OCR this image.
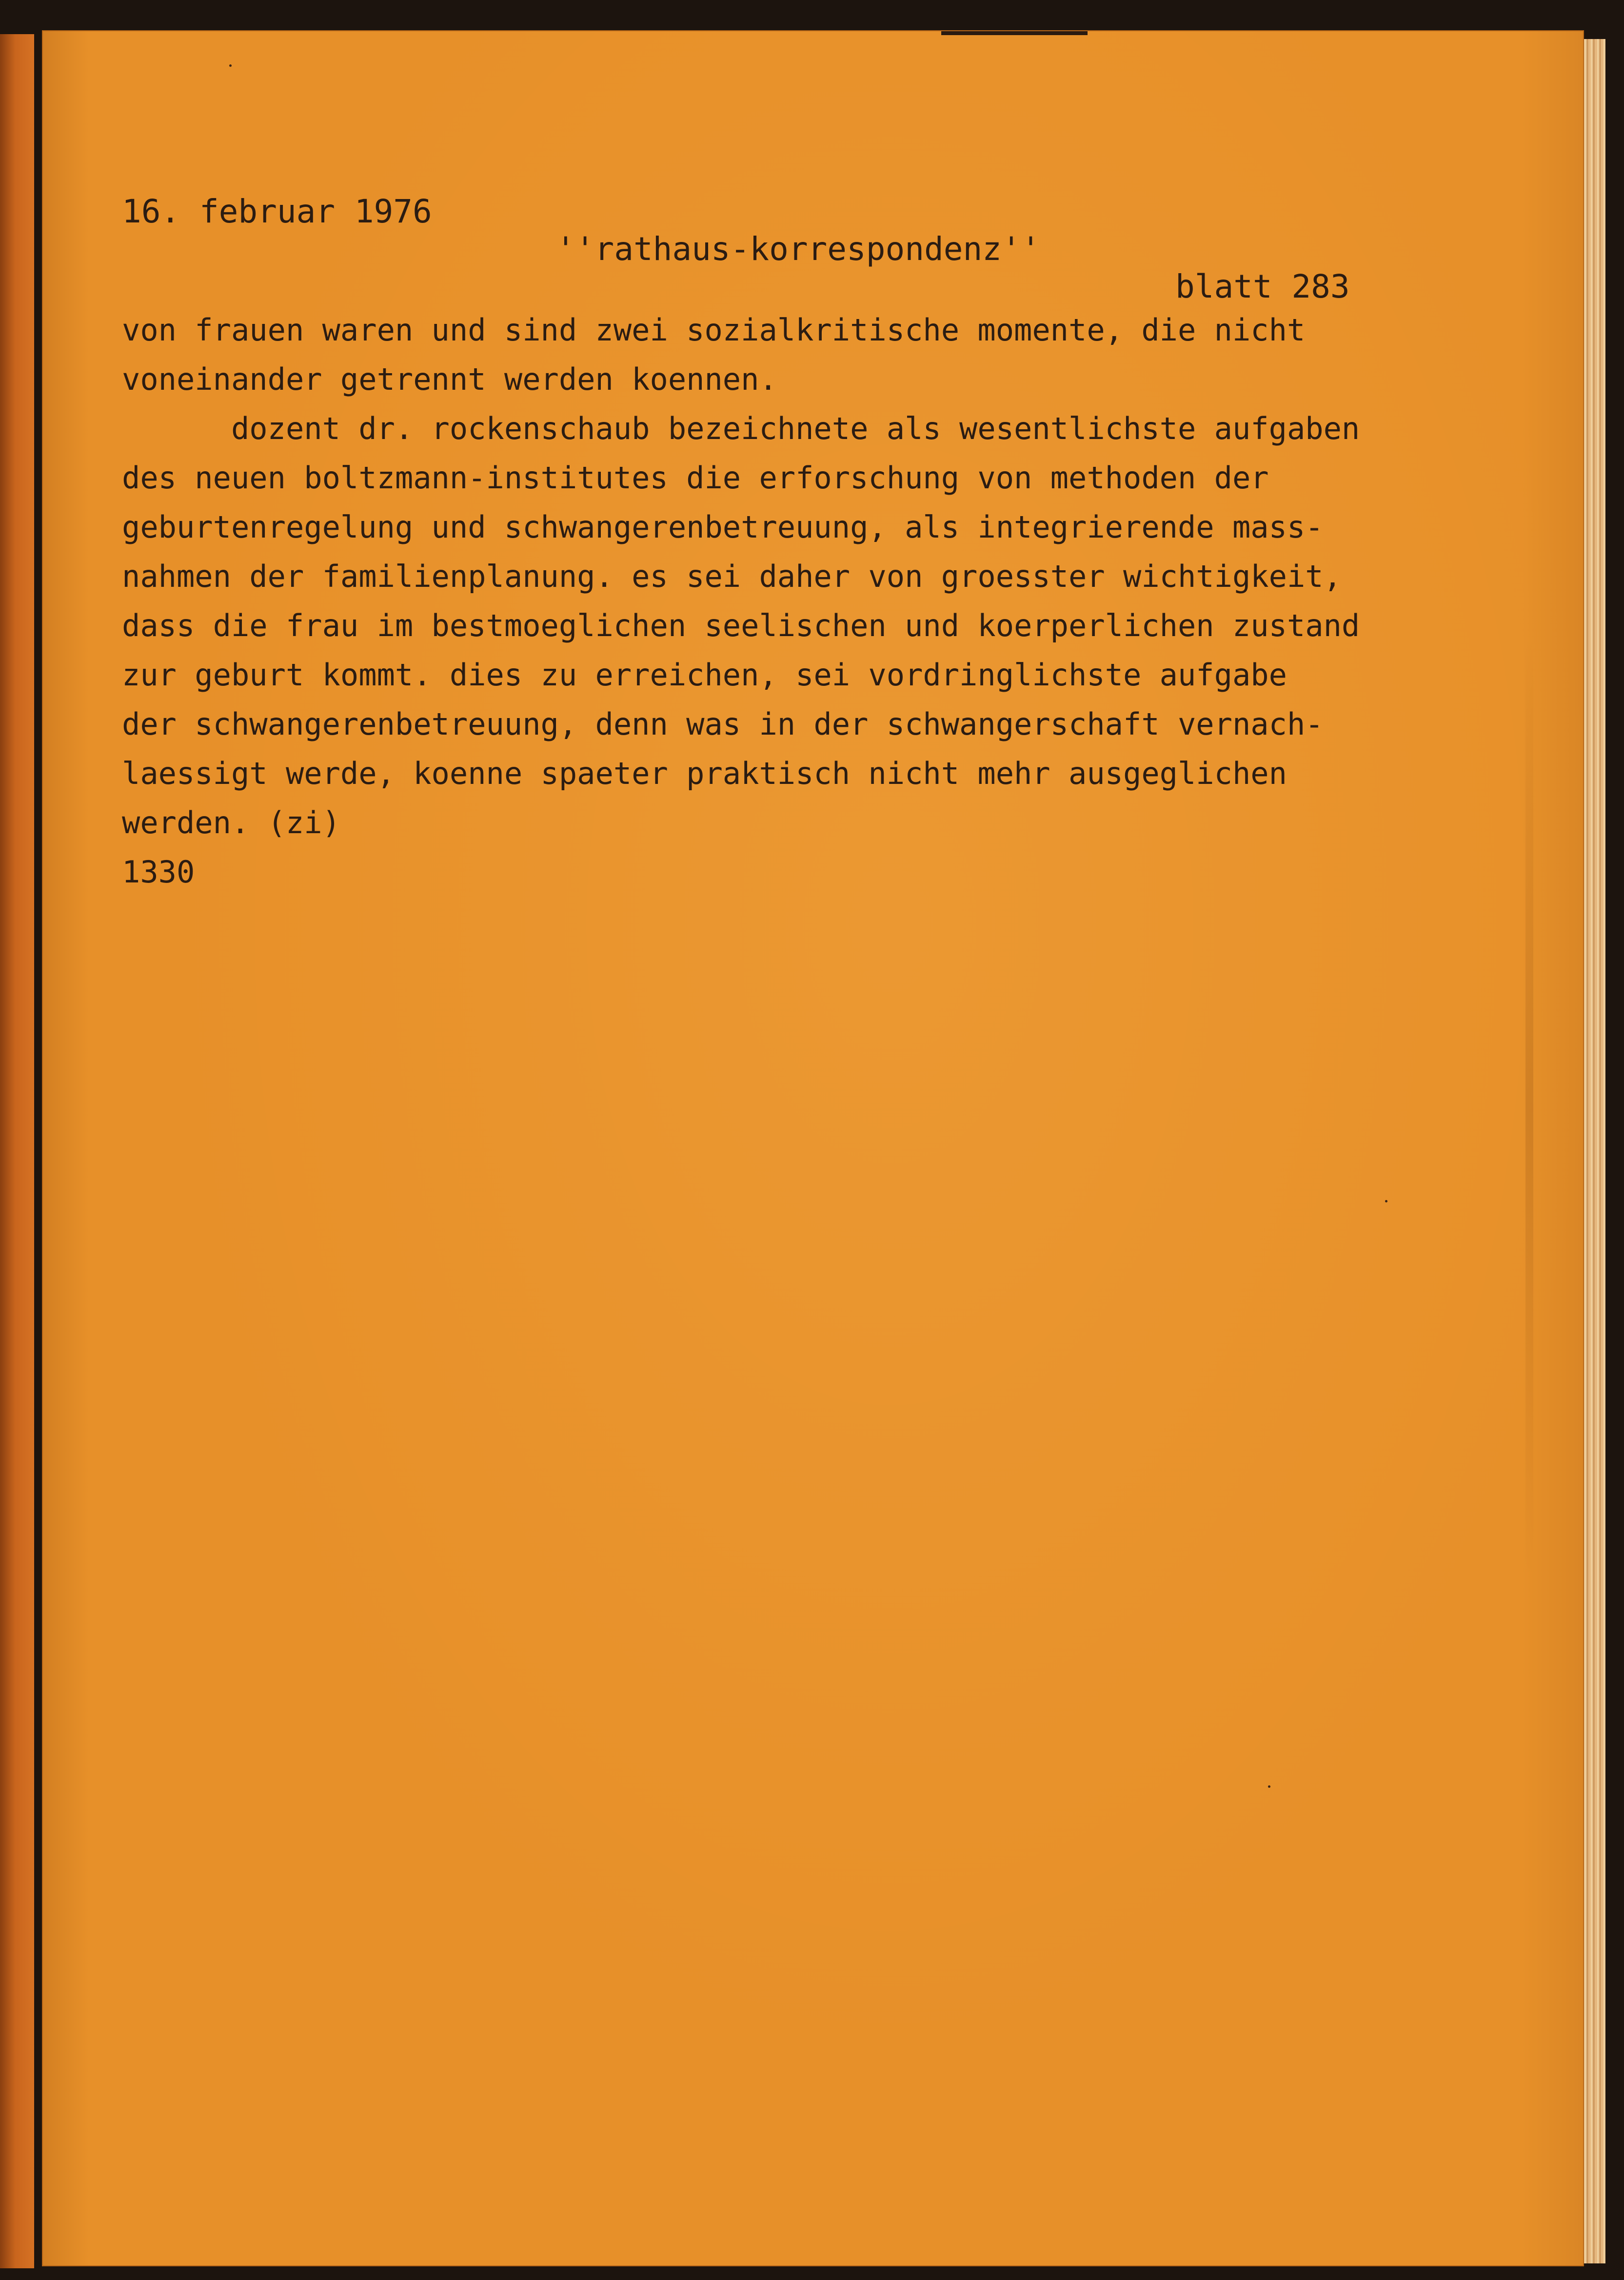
16. februar 1976

''rathaus-korrespondenz''

blatt 283

von frauen waren und sind zwei sozialkritische momente, die nicht
voneinander getrennt werden koennen.
dozent dr. rockenschaub bezeichnete als wesentlichste aufgaben
des neuen boltzmann-institutes die erforschung von methoden der
geburtenregelung und schwangerenbetreuung, als integrierende mass-
nahmen der familienplanung. es sei daher von groesster wichtigkeit,
dass die frau im bestmoeglichen seelischen und koerperlichen zustand
zur geburt kommt. dies zu erreichen, sei vordringlichste aufgabe
der schwangerenbetreuung, denn was in der schwangerschaft vernach-
laessigt werde, koenne spaeter praktisch nicht mehr ausgeglichen
werden. (zi)
1330
